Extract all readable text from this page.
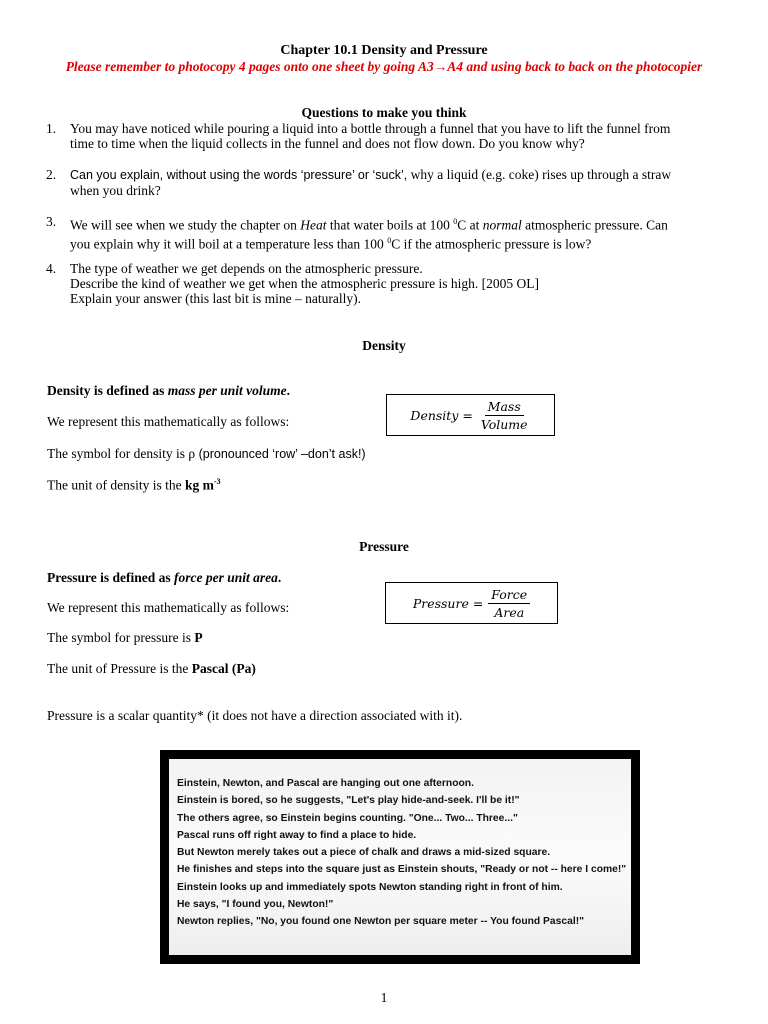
Chapter 10.1 Density and Pressure
Please remember to photocopy 4 pages onto one sheet by going A3→A4 and using back to back on the photocopier
Questions to make you think
1. You may have noticed while pouring a liquid into a bottle through a funnel that you have to lift the funnel from
time to time when the liquid collects in the funnel and does not flow down. Do you know why?
2. Can you explain, without using the words ‘pressure’ or ‘suck’, why a liquid (e.g. coke) rises up through a straw
when you drink?
3. We will see when we study the chapter on Heat that water boils at 100 $^0$C at normal atmospheric pressure. Can
you explain why it will boil at a temperature less than 100 $^0$C if the atmospheric pressure is low?
4. The type of weather we get depends on the atmospheric pressure.
Describe the kind of weather we get when the atmospheric pressure is high. [2005 OL]
Explain your answer (this last bit is mine – naturally).
Density
Density is defined as mass per unit volume.
We represent this mathematically as follows:
The symbol for density is ρ (pronounced ‘row’ –don’t ask!)
The unit of density is the kg $m^{-3}$
Density = $\frac{\text{Mass}}{\text{Volume}}$
Pressure
Pressure is defined as force per unit area.
We represent this mathematically as follows:
The symbol for pressure is P
The unit of Pressure is the Pascal (Pa)
Pressure is a scalar quantity* (it does not have a direction associated with it).
Pressure = $\frac{\text{Force}}{\text{Area}}$
Einstein, Newton, and Pascal are hanging out one afternoon.
Einstein is bored, so he suggests, "Let's play hide-and-seek. I'll be it!"
The others agree, so Einstein begins counting. "One... Two... Three..."
Pascal runs off right away to find a place to hide.
But Newton merely takes out a piece of chalk and draws a mid-sized square.
He finishes and steps into the square just as Einstein shouts, "Ready or not -- here I come!"
Einstein looks up and immediately spots Newton standing right in front of him.
He says, "I found you, Newton!"
Newton replies, "No, you found one Newton per square meter -- You found Pascal!"
1
